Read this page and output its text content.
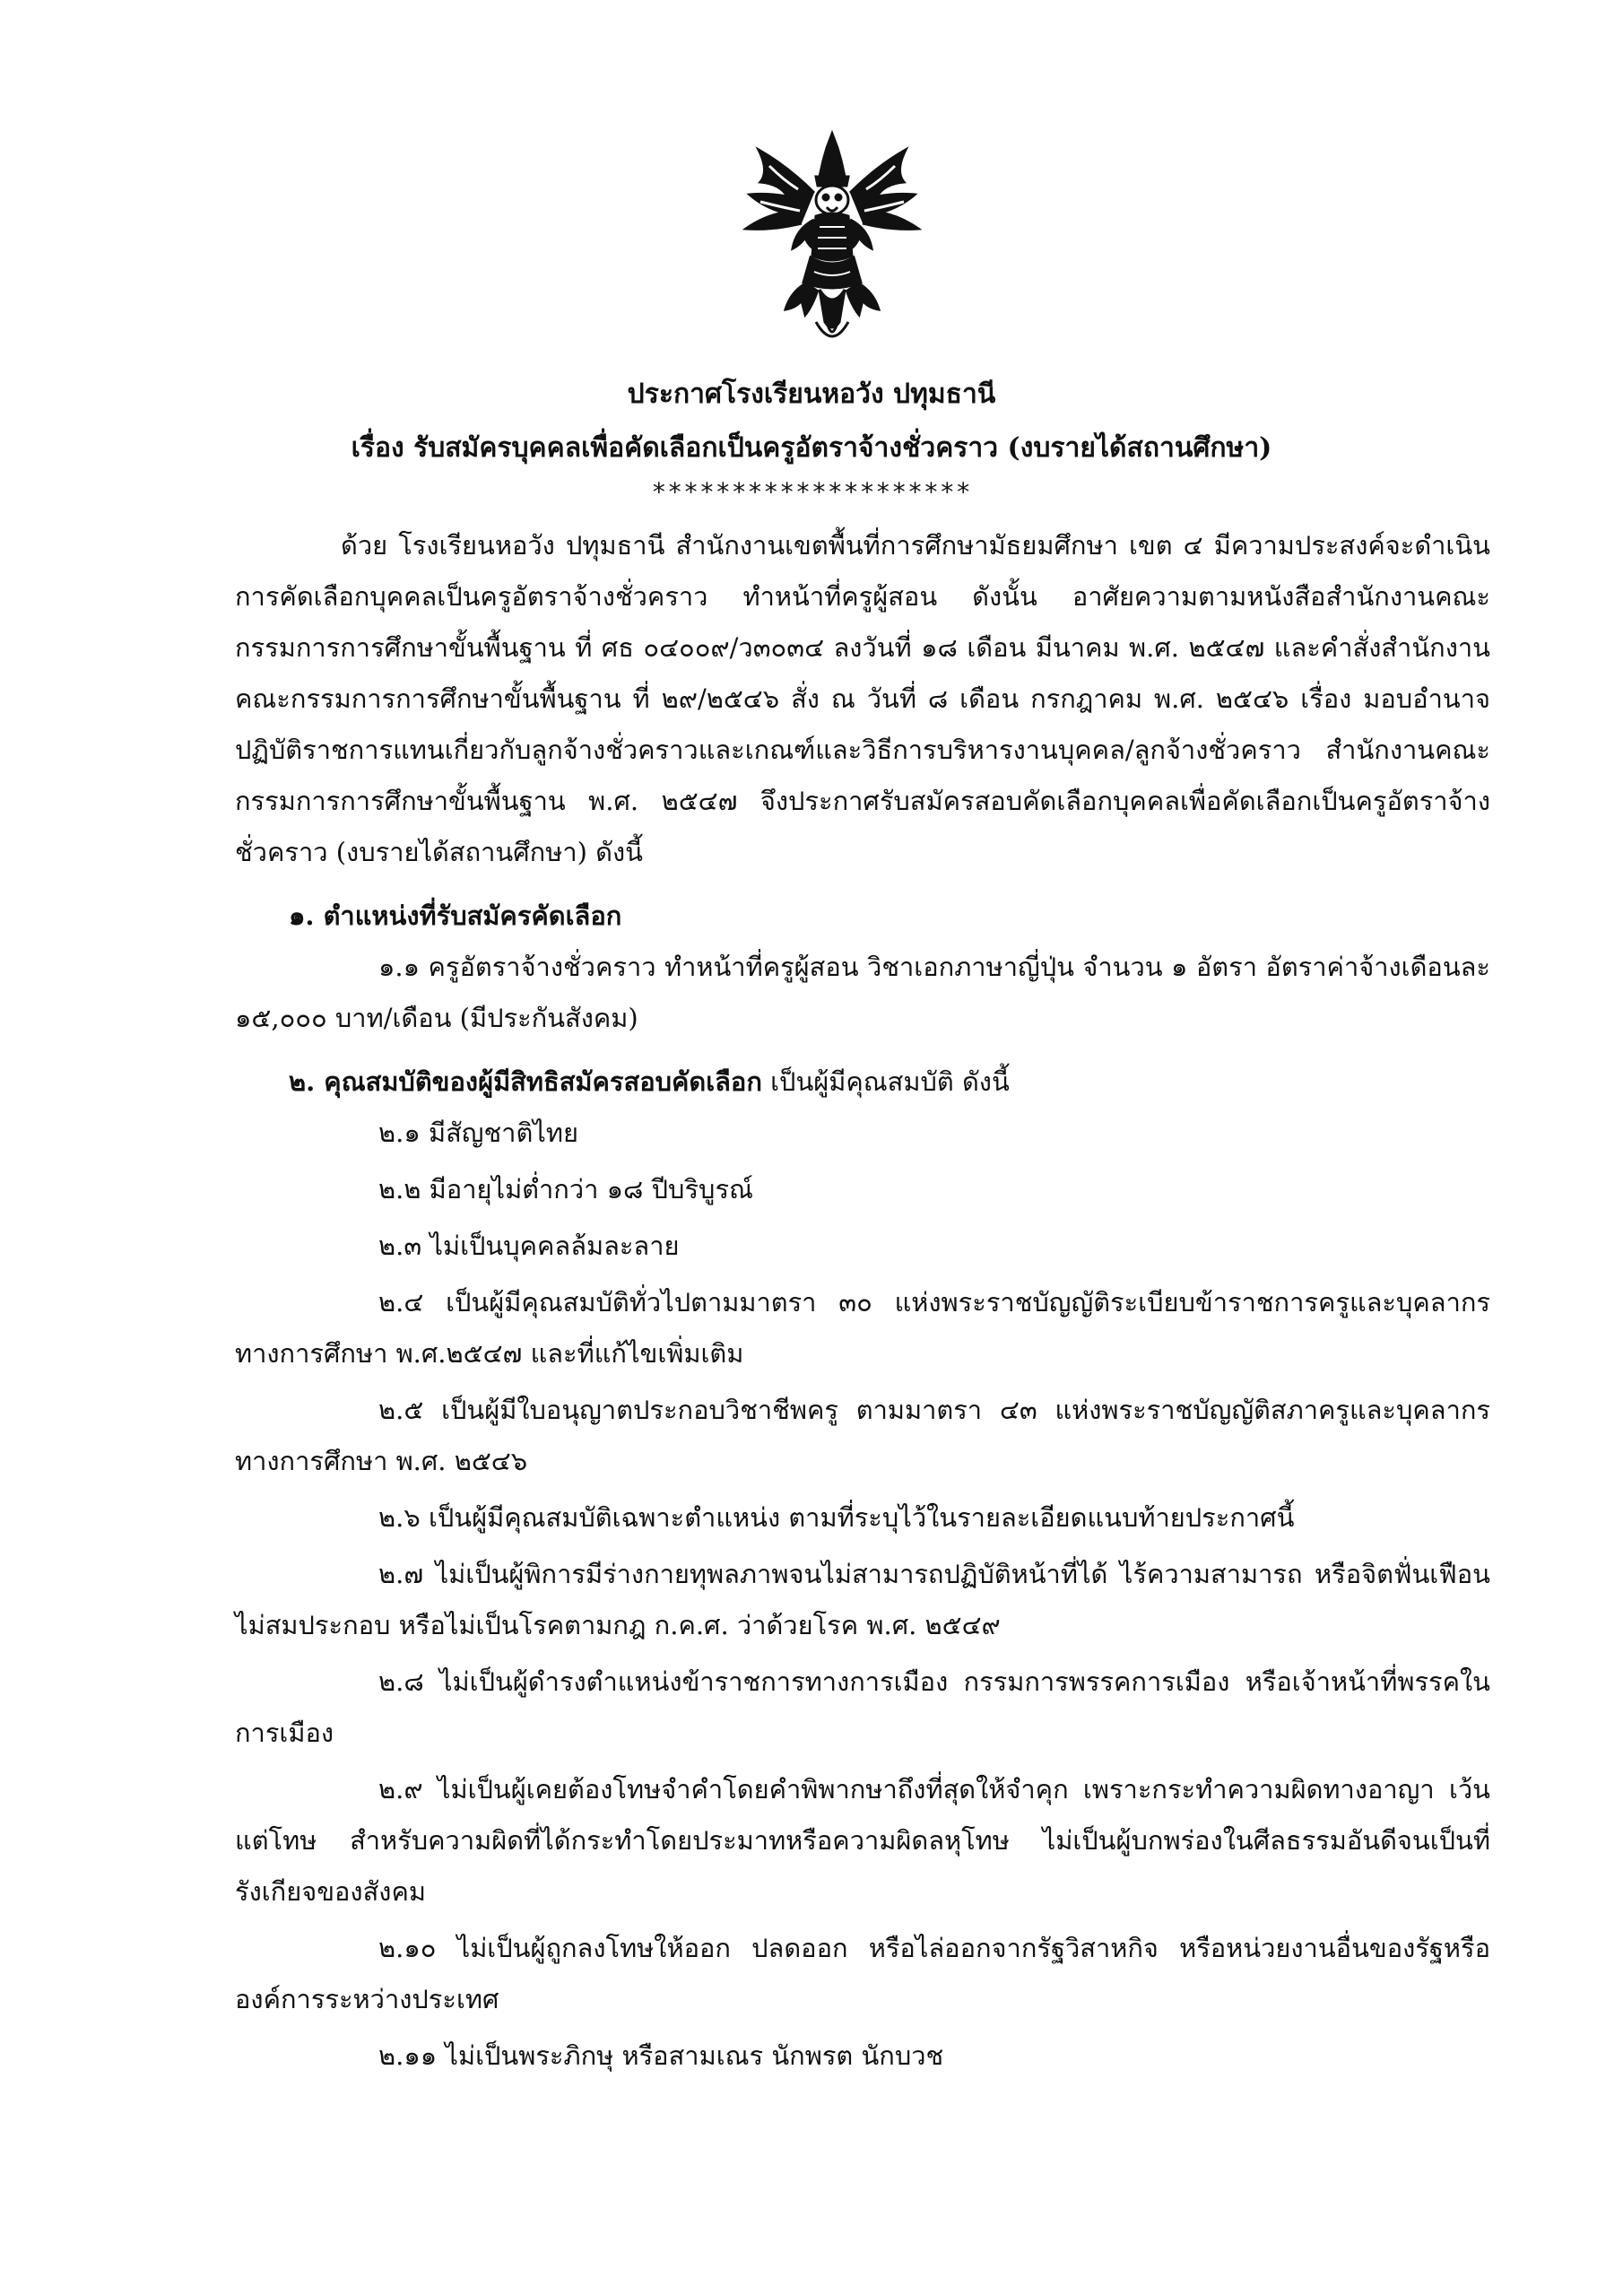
ประกาศโรงเรียนหอวัง ปทุมธานี
เรื่อง รับสมัครบุคคลเพื่อคัดเลือกเป็นครูอัตราจ้างชั่วคราว (งบรายได้สถานศึกษา)
********************

ด้วย โรงเรียนหอวัง ปทุมธานี สำนักงานเขตพื้นที่การศึกษามัธยมศึกษา เขต ๔ มีความประสงค์จะดำเนินการคัดเลือกบุคคลเป็นครูอัตราจ้างชั่วคราว ทำหน้าที่ครูผู้สอน ดังนั้น อาศัยความตามหนังสือสำนักงานคณะกรรมการการศึกษาขั้นพื้นฐาน ที่ ศธ ๐๔๐๐๙/ว๓๐๓๔ ลงวันที่ ๑๘ เดือน มีนาคม พ.ศ. ๒๕๔๗ และคำสั่งสำนักงานคณะกรรมการการศึกษาขั้นพื้นฐาน ที่ ๒๙/๒๕๔๖ สั่ง ณ วันที่ ๘ เดือน กรกฎาคม พ.ศ. ๒๕๔๖ เรื่อง มอบอำนาจปฏิบัติราชการแทนเกี่ยวกับลูกจ้างชั่วคราวและเกณฑ์และวิธีการบริหารงานบุคคล/ลูกจ้างชั่วคราว สำนักงานคณะกรรมการการศึกษาขั้นพื้นฐาน พ.ศ. ๒๕๔๗ จึงประกาศรับสมัครสอบคัดเลือกบุคคลเพื่อคัดเลือกเป็นครูอัตราจ้างชั่วคราว (งบรายได้สถานศึกษา) ดังนี้

๑. ตำแหน่งที่รับสมัครคัดเลือก

๑.๑ ครูอัตราจ้างชั่วคราว ทำหน้าที่ครูผู้สอน วิชาเอกภาษาญี่ปุ่น จำนวน ๑ อัตรา อัตราค่าจ้างเดือนละ ๑๕,๐๐๐ บาท/เดือน (มีประกันสังคม)

๒. คุณสมบัติของผู้มีสิทธิสมัครสอบคัดเลือก เป็นผู้มีคุณสมบัติ ดังนี้

๒.๑ มีสัญชาติไทย

๒.๒ มีอายุไม่ต่ำกว่า ๑๘ ปีบริบูรณ์

๒.๓ ไม่เป็นบุคคลล้มละลาย

๒.๔ เป็นผู้มีคุณสมบัติทั่วไปตามมาตรา ๓๐ แห่งพระราชบัญญัติระเบียบข้าราชการครูและบุคลากรทางการศึกษา พ.ศ.๒๕๔๗ และที่แก้ไขเพิ่มเติม

๒.๕ เป็นผู้มีใบอนุญาตประกอบวิชาชีพครู ตามมาตรา ๔๓ แห่งพระราชบัญญัติสภาครูและบุคลากรทางการศึกษา พ.ศ. ๒๕๔๖

๒.๖ เป็นผู้มีคุณสมบัติเฉพาะตำแหน่ง ตามที่ระบุไว้ในรายละเอียดแนบท้ายประกาศนี้

๒.๗ ไม่เป็นผู้พิการมีร่างกายทุพลภาพจนไม่สามารถปฏิบัติหน้าที่ได้ ไร้ความสามารถ หรือจิตฟั่นเฟือน ไม่สมประกอบ หรือไม่เป็นโรคตามกฎ ก.ค.ศ. ว่าด้วยโรค พ.ศ. ๒๕๔๙

๒.๘ ไม่เป็นผู้ดำรงตำแหน่งข้าราชการทางการเมือง กรรมการพรรคการเมือง หรือเจ้าหน้าที่พรรคในการเมือง

๒.๙ ไม่เป็นผู้เคยต้องโทษจำคำโดยคำพิพากษาถึงที่สุดให้จำคุก เพราะกระทำความผิดทางอาญา เว้นแต่โทษ สำหรับความผิดที่ได้กระทำโดยประมาทหรือความผิดลหุโทษ ไม่เป็นผู้บกพร่องในศีลธรรมอันดีจนเป็นที่รังเกียจของสังคม

๒.๑๐ ไม่เป็นผู้ถูกลงโทษให้ออก ปลดออก หรือไล่ออกจากรัฐวิสาหกิจ หรือหน่วยงานอื่นของรัฐหรือองค์การระหว่างประเทศ

๒.๑๑ ไม่เป็นพระภิกษุ หรือสามเณร นักพรต นักบวช
